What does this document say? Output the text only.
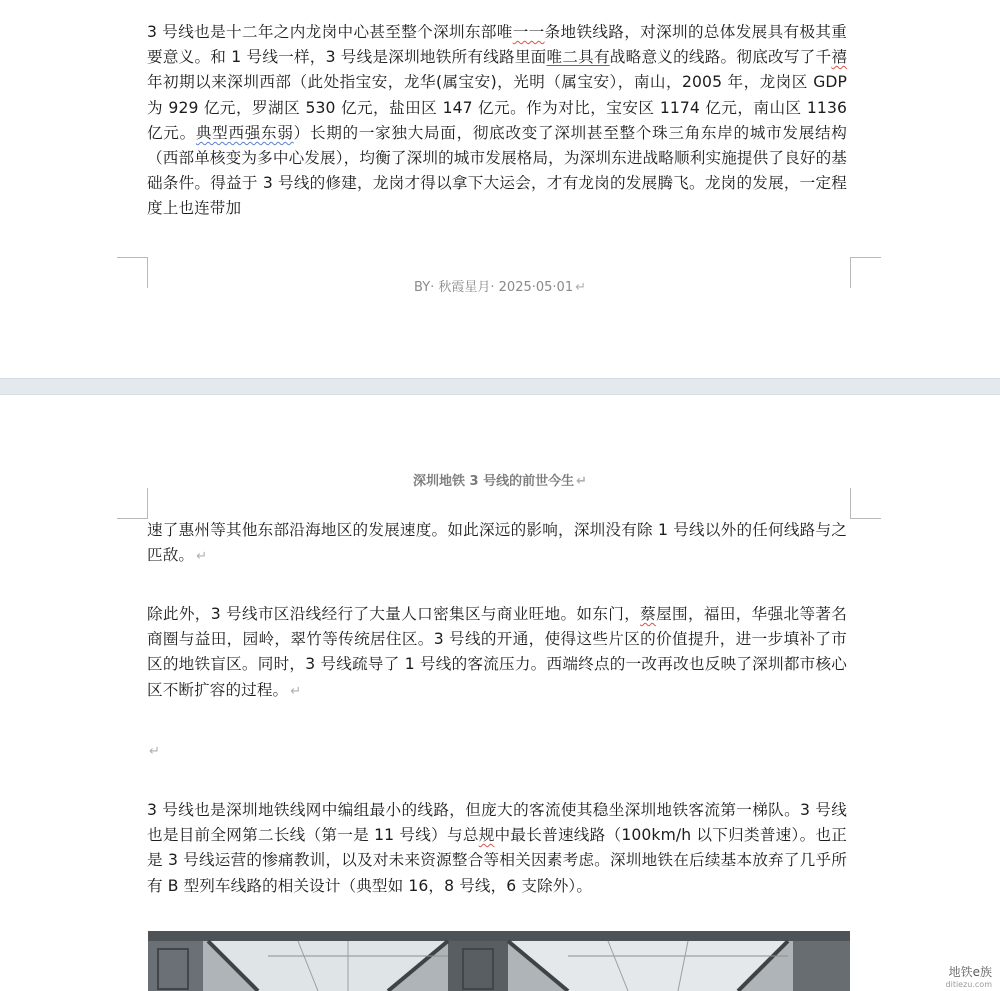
3 号线也是十二年之内龙岗中心甚至整个深圳东部唯一一条地铁线路，对深圳的总体发展具有极其重要意义。和 1 号线一样，3 号线是深圳地铁所有线路里面唯二具有战略意义的线路。彻底改写了千禧年初期以来深圳西部（此处指宝安，龙华(属宝安)，光明（属宝安），南山，2005 年，龙岗区 GDP 为 929 亿元，罗湖区 530 亿元，盐田区 147 亿元。作为对比，宝安区 1174 亿元，南山区 1136 亿元。典型西强东弱）长期的一家独大局面，彻底改变了深圳甚至整个珠三角东岸的城市发展结构（西部单核变为多中心发展），均衡了深圳的城市发展格局，为深圳东进战略顺利实施提供了良好的基础条件。得益于 3 号线的修建，龙岗才得以拿下大运会，才有龙岗的发展腾飞。龙岗的发展，一定程度上也连带加

BY· 秋霞星月· 2025·05·01 ↵
深圳地铁 3 号线的前世今生 ↵

速了惠州等其他东部沿海地区的发展速度。如此深远的影响，深圳没有除 1 号线以外的任何线路与之匹敌。 ↵

除此外，3 号线市区沿线经行了大量人口密集区与商业旺地。如东门，蔡屋围，福田，华强北等著名商圈与益田，园岭，翠竹等传统居住区。3 号线的开通，使得这些片区的价值提升，进一步填补了市区的地铁盲区。同时，3 号线疏导了 1 号线的客流压力。西端终点的一改再改也反映了深圳都市核心区不断扩容的过程。 ↵

↵

3 号线也是深圳地铁线网中编组最小的线路，但庞大的客流使其稳坐深圳地铁客流第一梯队。3 号线也是目前全网第二长线（第一是 11 号线）与总规中最长普速线路（100km/h 以下归类普速）。也正是 3 号线运营的惨痛教训，以及对未来资源整合等相关因素考虑。深圳地铁在后续基本放弃了几乎所有 B 型列车线路的相关设计（典型如 16，8 号线，6 支除外）。

地铁e族
ditiezu.com
